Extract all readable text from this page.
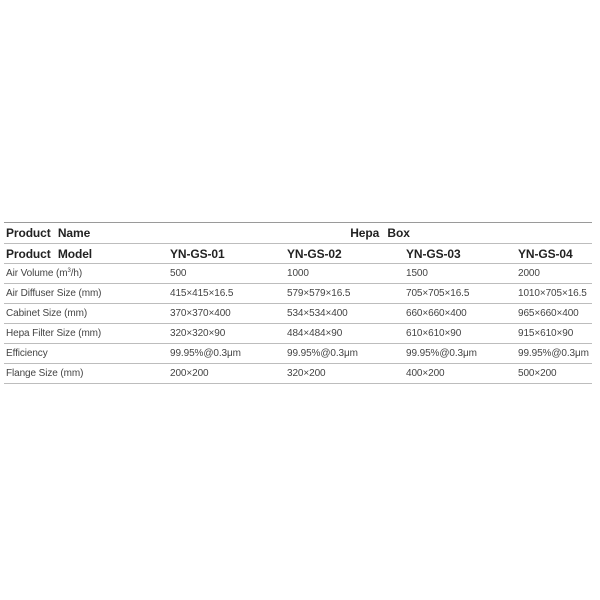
Product Name	Hepa Box			
Product Model	YN-GS-01	YN-GS-02	YN-GS-03	YN-GS-04
Air Volume $(m^3/h)$	500	1000	1500	2000
Air Diffuser Size (mm)	415×415×16.5	579×579×16.5	705×705×16.5	1010×705×16.5
Cabinet Size (mm)	370×370×400	534×534×400	660×660×400	965×660×400
Hepa Filter Size (mm)	320×320×90	484×484×90	610×610×90	915×610×90
Efficiency	99.95%@0.3μm	99.95%@0.3μm	99.95%@0.3μm	99.95%@0.3μm
Flange Size (mm)	200×200	320×200	400×200	500×200
